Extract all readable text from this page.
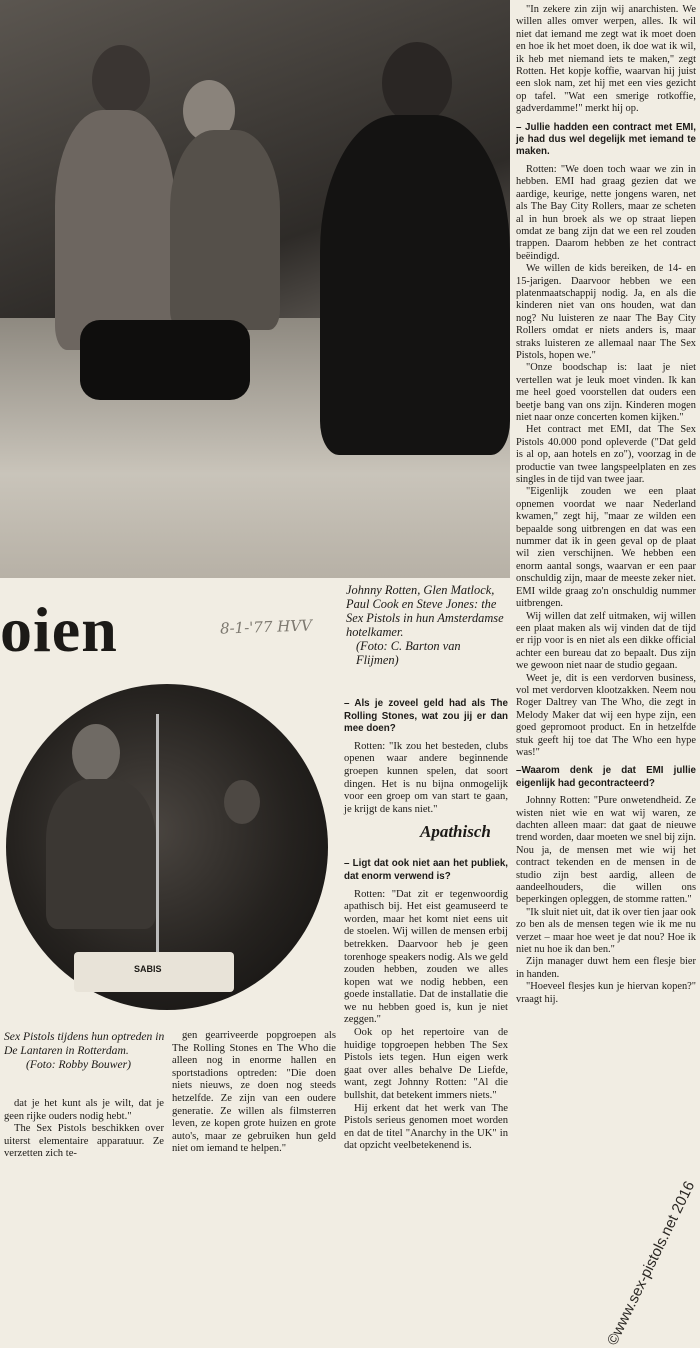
oien	8-1-'77 HVV
Johnny Rotten, Glen Matlock, Paul Cook en Steve Jones: the Sex Pistols in hun Amsterdamse hotelkamer.
(Foto: C. Barton van Flijmen)
SABIS
Sex Pistols tijdens hun optreden in De Lantaren in Rotterdam.
(Foto: Robby Bouwer)

dat je het kunt als je wilt, dat je geen rijke ouders nodig hebt."

The Sex Pistols beschikken over uiterst elementaire apparatuur. Ze verzetten zich te-

gen gearriveerde popgroepen als The Rolling Stones en The Who die alleen nog in enorme hallen en sportstadions optreden: "Die doen niets nieuws, ze doen nog steeds hetzelfde. Ze zijn van een oudere generatie. Ze willen als filmsterren leven, ze kopen grote huizen en grote auto's, maar ze gebruiken hun geld niet om iemand te helpen."

– Als je zoveel geld had als The Rolling Stones, wat zou jij er dan mee doen?

Rotten: "Ik zou het besteden, clubs openen waar andere beginnende groepen kunnen spelen, dat soort dingen. Het is nu bijna onmogelijk voor een groep om van start te gaan, je krijgt de kans niet."

– Ligt dat ook niet aan het publiek, dat enorm verwend is?

Rotten: "Dat zit er tegenwoordig apathisch bij. Het eist geamuseerd te worden, maar het komt niet eens uit de stoelen. Wij willen de mensen erbij betrekken. Daarvoor heb je geen torenhoge speakers nodig. Als we geld zouden hebben, zouden we alles kopen wat we nodig hebben, een goede installatie. Dat de installatie die we nu hebben goed is, kun je niet zeggen."

Ook op het repertoire van de huidige topgroepen hebben The Sex Pistols iets tegen. Hun eigen werk gaat over alles behalve De Liefde, want, zegt Johnny Rotten: "Al die bullshit, dat betekent immers niets."

Hij erkent dat het werk van The Pistols serieus genomen moet worden en dat de titel "Anarchy in the UK" in dat opzicht veelbetekenend is.

Apathisch

"In zekere zin zijn wij anarchisten. We willen alles omver werpen, alles. Ik wil niet dat iemand me zegt wat ik moet doen en hoe ik het moet doen, ik doe wat ik wil, ik heb met niemand iets te maken," zegt Rotten. Het kopje koffie, waarvan hij juist een slok nam, zet hij met een vies gezicht op tafel. "Wat een smerige rotkoffie, gadverdamme!" merkt hij op.

– Jullie hadden een contract met EMI, je had dus wel degelijk met iemand te maken.

Rotten: "We doen toch waar we zin in hebben. EMI had graag gezien dat we aardige, keurige, nette jongens waren, net als The Bay City Rollers, maar ze scheten al in hun broek als we op straat liepen omdat ze bang zijn dat we een rel zouden trappen. Daarom hebben ze het contract beëindigd.

We willen de kids bereiken, de 14- en 15-jarigen. Daarvoor hebben we een platenmaatschappij nodig. Ja, en als die kinderen niet van ons houden, wat dan nog? Nu luisteren ze naar The Bay City Rollers omdat er niets anders is, maar straks luisteren ze allemaal naar The Sex Pistols, hopen we."

"Onze boodschap is: laat je niet vertellen wat je leuk moet vinden. Ik kan me heel goed voorstellen dat ouders een beetje bang van ons zijn. Kinderen mogen niet naar onze concerten komen kijken."

Het contract met EMI, dat The Sex Pistols 40.000 pond opleverde ("Dat geld is al op, aan hotels en zo"), voorzag in de productie van twee langspeelplaten en zes singles in de tijd van twee jaar.

"Eigenlijk zouden we een plaat opnemen voordat we naar Nederland kwamen," zegt hij, "maar ze wilden een bepaalde song uitbrengen en dat was een nummer dat ik in geen geval op de plaat wil zien verschijnen. We hebben een enorm aantal songs, waarvan er een paar onschuldig zijn, maar de meeste zeker niet. EMI wilde graag zo'n onschuldig nummer uitbrengen.

Wij willen dat zelf uitmaken, wij willen een plaat maken als wij vinden dat de tijd er rijp voor is en niet als een dikke official achter een bureau dat zo bepaalt. Dus zijn we gewoon niet naar de studio gegaan.

Weet je, dit is een verdorven business, vol met verdorven klootzakken. Neem nou Roger Daltrey van The Who, die zegt in Melody Maker dat wij een hype zijn, een goed gepromoot product. En in hetzelfde stuk geeft hij toe dat The Who een hype was!"

–Waarom denk je dat EMI jullie eigenlijk had gecontracteerd?

Johnny Rotten: "Pure onwetendheid. Ze wisten niet wie en wat wij waren, ze dachten alleen maar: dat gaat de nieuwe trend worden, daar moeten we snel bij zijn. Nou ja, de mensen met wie wij het contract tekenden en de mensen in de studio zijn best aardig, alleen de aandeelhouders, die willen ons beperkingen opleggen, de stomme ratten."

"Ik sluit niet uit, dat ik over tien jaar ook zo ben als de mensen tegen wie ik me nu verzet – maar hoe weet je dat nou? Hoe ik niet nu hoe ik dan ben."

Zijn manager duwt hem een flesje bier in handen.

"Hoeveel flesjes kun je hiervan kopen?" vraagt hij.

©www.sex-pistols.net 2016
